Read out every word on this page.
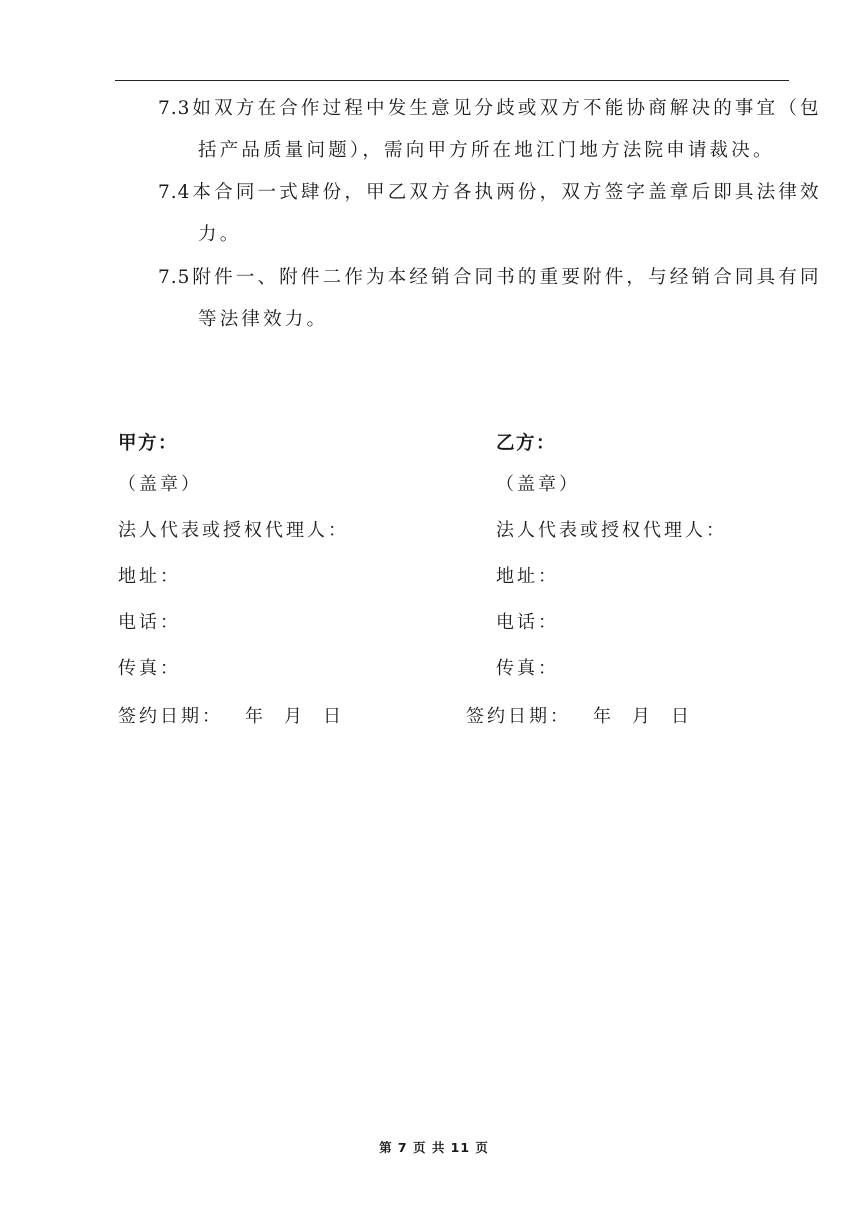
7.3 如双方在合作过程中发生意见分歧或双方不能协商解决的事宜（包
括产品质量问题），需向甲方所在地江门地方法院申请裁决。
7.4 本合同一式肆份，甲乙双方各执两份，双方签字盖章后即具法律效
力。
7.5 附件一、附件二作为本经销合同书的重要附件，与经销合同具有同
等法律效力。
甲方：
（盖章）
法人代表或授权代理人：
地址：
电话：
传真：
乙方：
（盖章）
法人代表或授权代理人：
地址：
电话：
传真：
签约日期： 年 月 日	签约日期： 年 月 日
第 7 页 共 11 页
